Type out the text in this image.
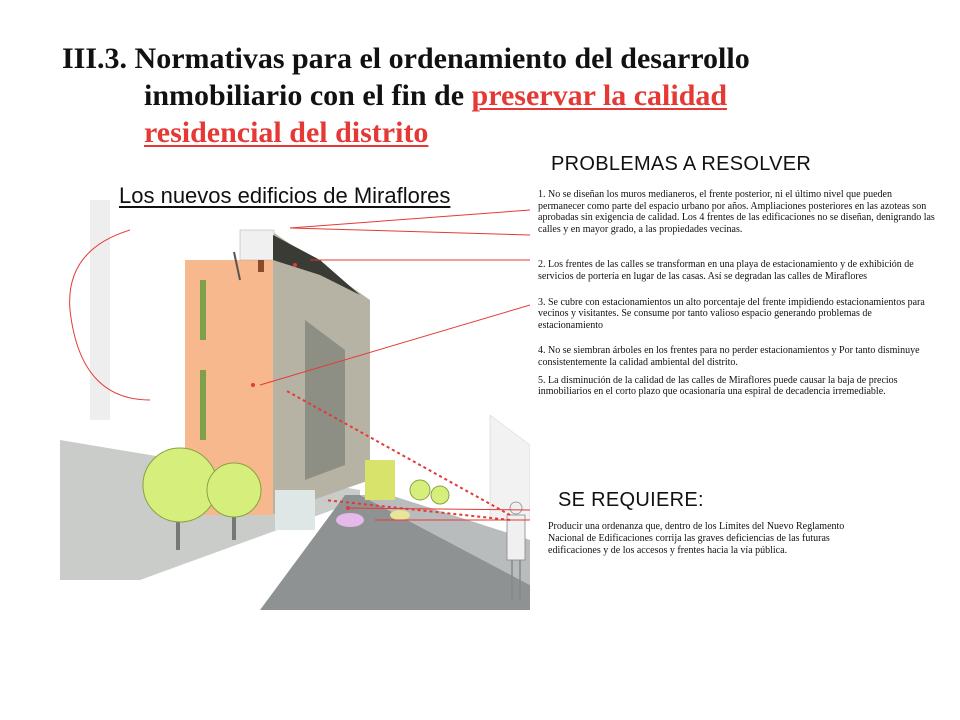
III.3. Normativas para el ordenamiento del desarrollo
inmobiliario con el fin de preservar la calidad
residencial del distrito
PROBLEMAS A RESOLVER
Los nuevos edificios de Miraflores	1. No se diseñan los muros medianeros, el frente posterior, ni el último nivel que pueden permanecer como parte del espacio urbano por años. Ampliaciones posteriores en las azoteas son aprobadas sin exigencia de calidad. Los 4 frentes de las edificaciones no se diseñan, denigrando las calles y en mayor grado, a las propiedades vecinas.

2. Los frentes de las calles se transforman en una playa de estacionamiento y de exhibición de servicios de portería en lugar de las casas. Así se degradan las calles de Miraflores

3. Se cubre con estacionamientos un alto porcentaje del frente impidiendo estacionamientos para vecinos y visitantes. Se consume por tanto valioso espacio generando problemas de estacionamiento

4. No se siembran árboles en los frentes para no perder estacionamientos y Por tanto disminuye consistentemente la calidad ambiental del distrito.

5. La disminución de la calidad de las calles de Miraflores puede causar la baja de precios inmobiliarios en el corto plazo que ocasionaría una espiral de decadencia irremediable.

SE REQUIERE:

Producir una ordenanza que, dentro de los Límites del Nuevo Reglamento Nacional de Edificaciones corrija las graves deficiencias de las futuras edificaciones y de los accesos y frentes hacia la vía pública.
